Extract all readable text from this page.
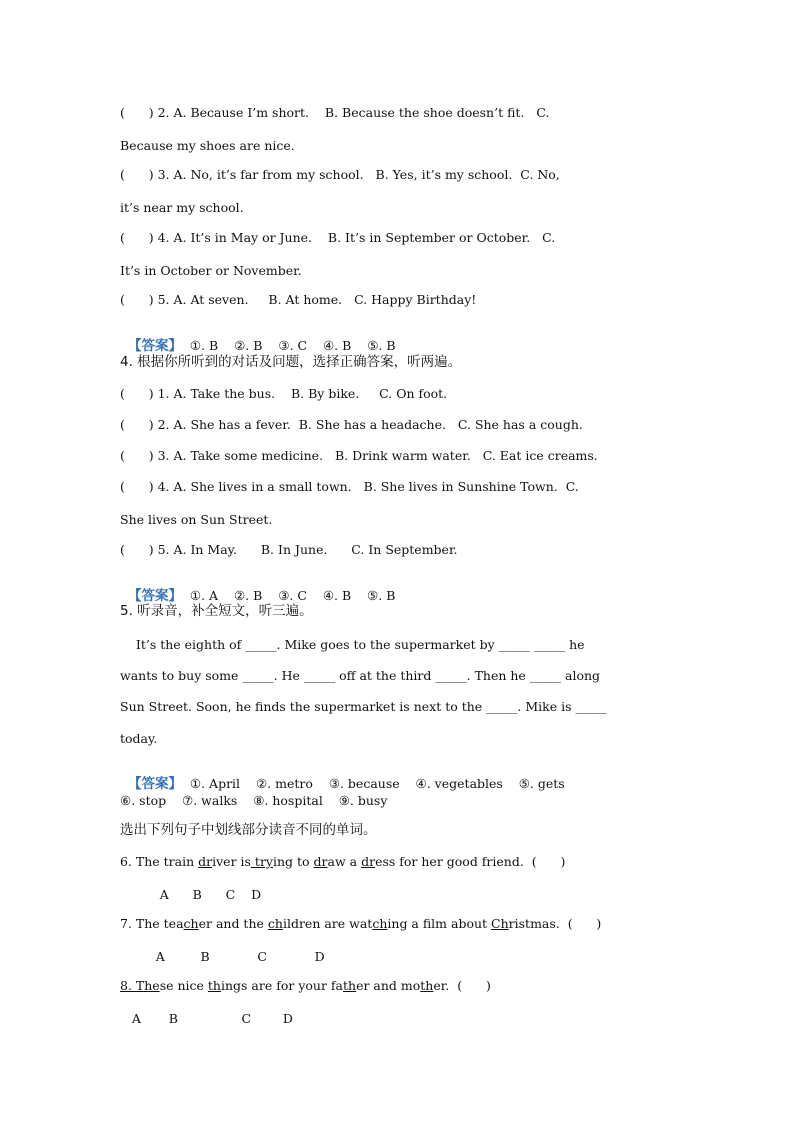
(      ) 2. A. Because I’m short.    B. Because the shoe doesn’t fit.   C.
Because my shoes are nice.
(      ) 3. A. No, it’s far from my school.   B. Yes, it’s my school.  C. No,
it’s near my school.
(      ) 4. A. It’s in May or June.    B. It’s in September or October.   C.
It’s in October or November.
(      ) 5. A. At seven.     B. At home.   C. Happy Birthday!

【答案】  ①. B    ②. B    ③. C    ④. B    ⑤. B

4. 根据你所听到的对话及问题，选择正确答案，听两遍。
(      ) 1. A. Take the bus.    B. By bike.     C. On foot.
(      ) 2. A. She has a fever.  B. She has a headache.   C. She has a cough.
(      ) 3. A. Take some medicine.   B. Drink warm water.   C. Eat ice creams.
(      ) 4. A. She lives in a small town.   B. She lives in Sunshine Town.  C.
She lives on Sun Street.
(      ) 5. A. In May.      B. In June.      C. In September.

【答案】  ①. A    ②. B    ③. C    ④. B    ⑤. B

5. 听录音，补全短文，听三遍。
It’s the eighth of _____. Mike goes to the supermarket by _____ _____ he
wants to buy some _____. He _____ off at the third _____. Then he _____ along
Sun Street. Soon, he finds the supermarket is next to the _____. Mike is _____
today.

【答案】  ①. April    ②. metro    ③. because    ④. vegetables    ⑤. gets

⑥. stop    ⑦. walks    ⑧. hospital    ⑨. busy
选出下列句子中划线部分读音不同的单词。
6. The train driver is trying to draw a dress for her good friend.  (      )
A      B      C    D
7. The teacher and the children are watching a film about Christmas.  (      )
A         B            C            D
8. These nice things are for your father and mother.  (      )
A       B                C        D
